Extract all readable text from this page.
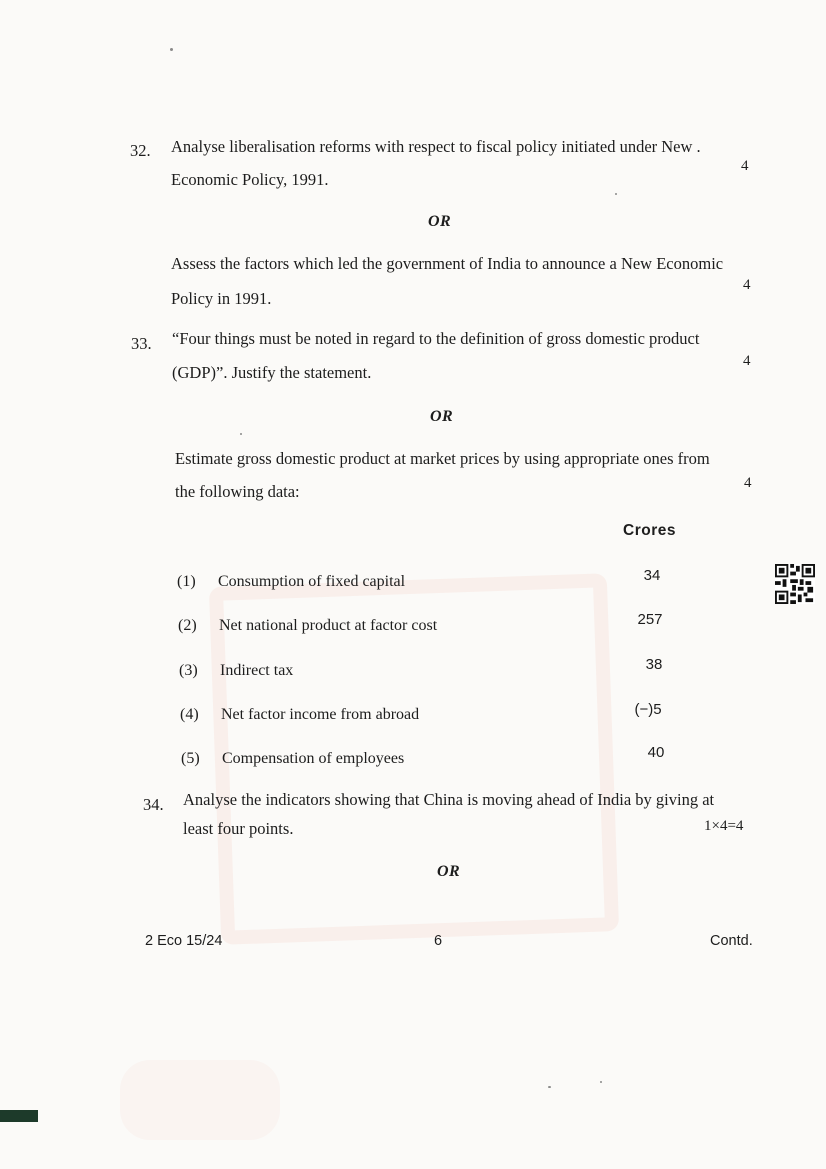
32. Analyse liberalisation reforms with respect to fiscal policy initiated under New .
4
Economic Policy, 1991.
OR
Assess the factors which led the government of India to announce a New Economic
4
Policy in 1991.
33. “Four things must be noted in regard to the definition of gross domestic product
4
(GDP)”. Justify the statement.
OR
Estimate gross domestic product at market prices by using appropriate ones from
4
the following data:
Crores
(1) Consumption of fixed capital	34
(2) Net national product at factor cost	257
(3) Indirect tax	38
(4) Net factor income from abroad	(−)5
(5) Compensation of employees	40
34. Analyse the indicators showing that China is moving ahead of India by giving at
least four points.	1×4=4
OR
2 Eco 15/24	6	Contd.
